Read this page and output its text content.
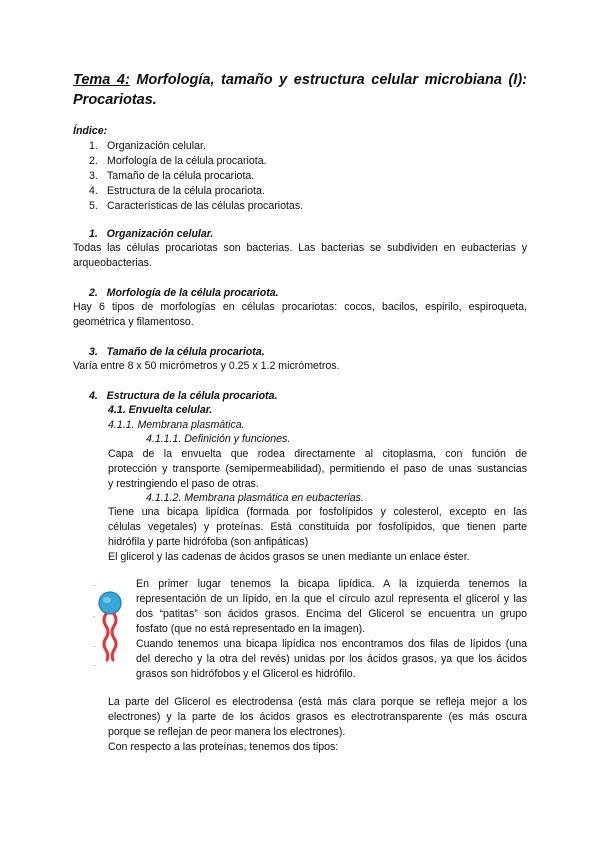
Tema 4: Morfología, tamaño y estructura celular microbiana (I): Procariotas.
Índice:
1. Organización celular.
2. Morfología de la célula procariota.
3. Tamaño de la célula procariota.
4. Estructura de la célula procariota.
5. Características de las células procariotas.
1.   Organización celular.
Todas las células procariotas son bacterias. Las bacterias se subdividen en eubacterias y
arqueobacterias.
2.   Morfología de la célula procariota.
Hay 6 tipos de morfologías en células procariotas: cocos, bacilos, espirilo, espiroqueta,
geométrica y filamentoso.
3.   Tamaño de la célula procariota.
Varía entre 8 x 50 micrómetros y 0.25 x 1.2 micrómetros.
4.   Estructura de la célula procariota.
4.1. Envuelta celular.
4.1.1. Membrana plasmática.
4.1.1.1. Definición y funciones.
Capa de la envuelta que rodea directamente al citoplasma, con función de
protección y transporte (semipermeabilidad), permitiendo el paso de unas sustancias
y restringiendo el paso de otras.
4.1.1.2. Membrana plasmática en eubacterias.
Tiene una bicapa lipídica (formada por fosfolípidos y colesterol, excepto en las
células vegetales) y proteínas. Está constituida por fosfolípidos, que tienen parte
hidrófila y parte hidrófoba (son anfipáticas)
El glicerol y las cadenas de ácidos grasos se unen mediante un enlace éster.
.
.
.
.
En primer lugar tenemos la bicapa lipídica. A la izquierda tenemos la
representación de un lípido, en la que el círculo azul representa el glicerol y las
dos “patitas” son ácidos grasos. Encima del Glicerol se encuentra un grupo
fosfato (que no está representado en la imagen).
Cuando tenemos una bicapa lipídica nos encontramos dos filas de lípidos (una
del derecho y la otra del revés) unidas por los ácidos grasos, ya que los ácidos
grasos son hidrófobos y el Glicerol es hidrófilo.
La parte del Glicerol es electrodensa (está más clara porque se refleja mejor a los
electrones) y la parte de los ácidos grasos es electrotransparente (es más oscura
porque se reflejan de peor manera los electrones).
Con respecto a las proteínas, tenemos dos tipos:
